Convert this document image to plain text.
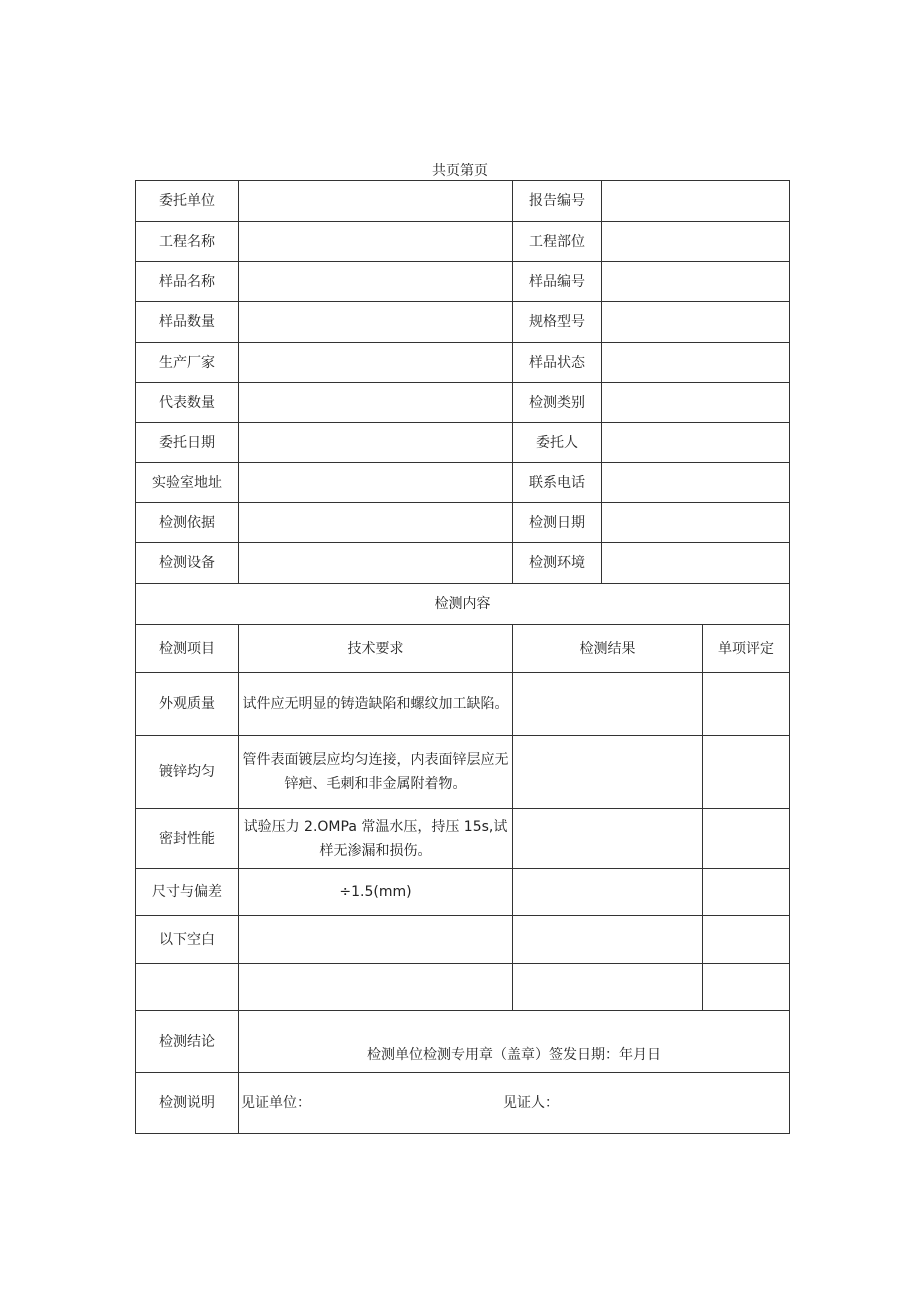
共页第页
委托单位		报告编号		
工程名称		工程部位		
样品名称		样品编号		
样品数量		规格型号		
生产厂家		样品状态		
代表数量		检测类别		
委托日期		委托人		
实验室地址		联系电话		
检测依据		检测日期		
检测设备		检测环境		
检测内容				
检测项目	技术要求	检测结果		单项评定
外观质量	试件应无明显的铸造缺陷和螺纹加工缺陷。			
镀锌均匀	管件表面镀层应均匀连接，内表面锌层应无锌疤、毛刺和非金属附着物。			
密封性能	试验压力 2.OMPa 常温水压，持压 15s,试样无渗漏和损伤。			
尺寸与偏差	÷1.5(mm)			
以下空白				

检测结论	检测单位检测专用章（盖章）签发日期：年月日			

检测说明	见证单位： 见证人：			
